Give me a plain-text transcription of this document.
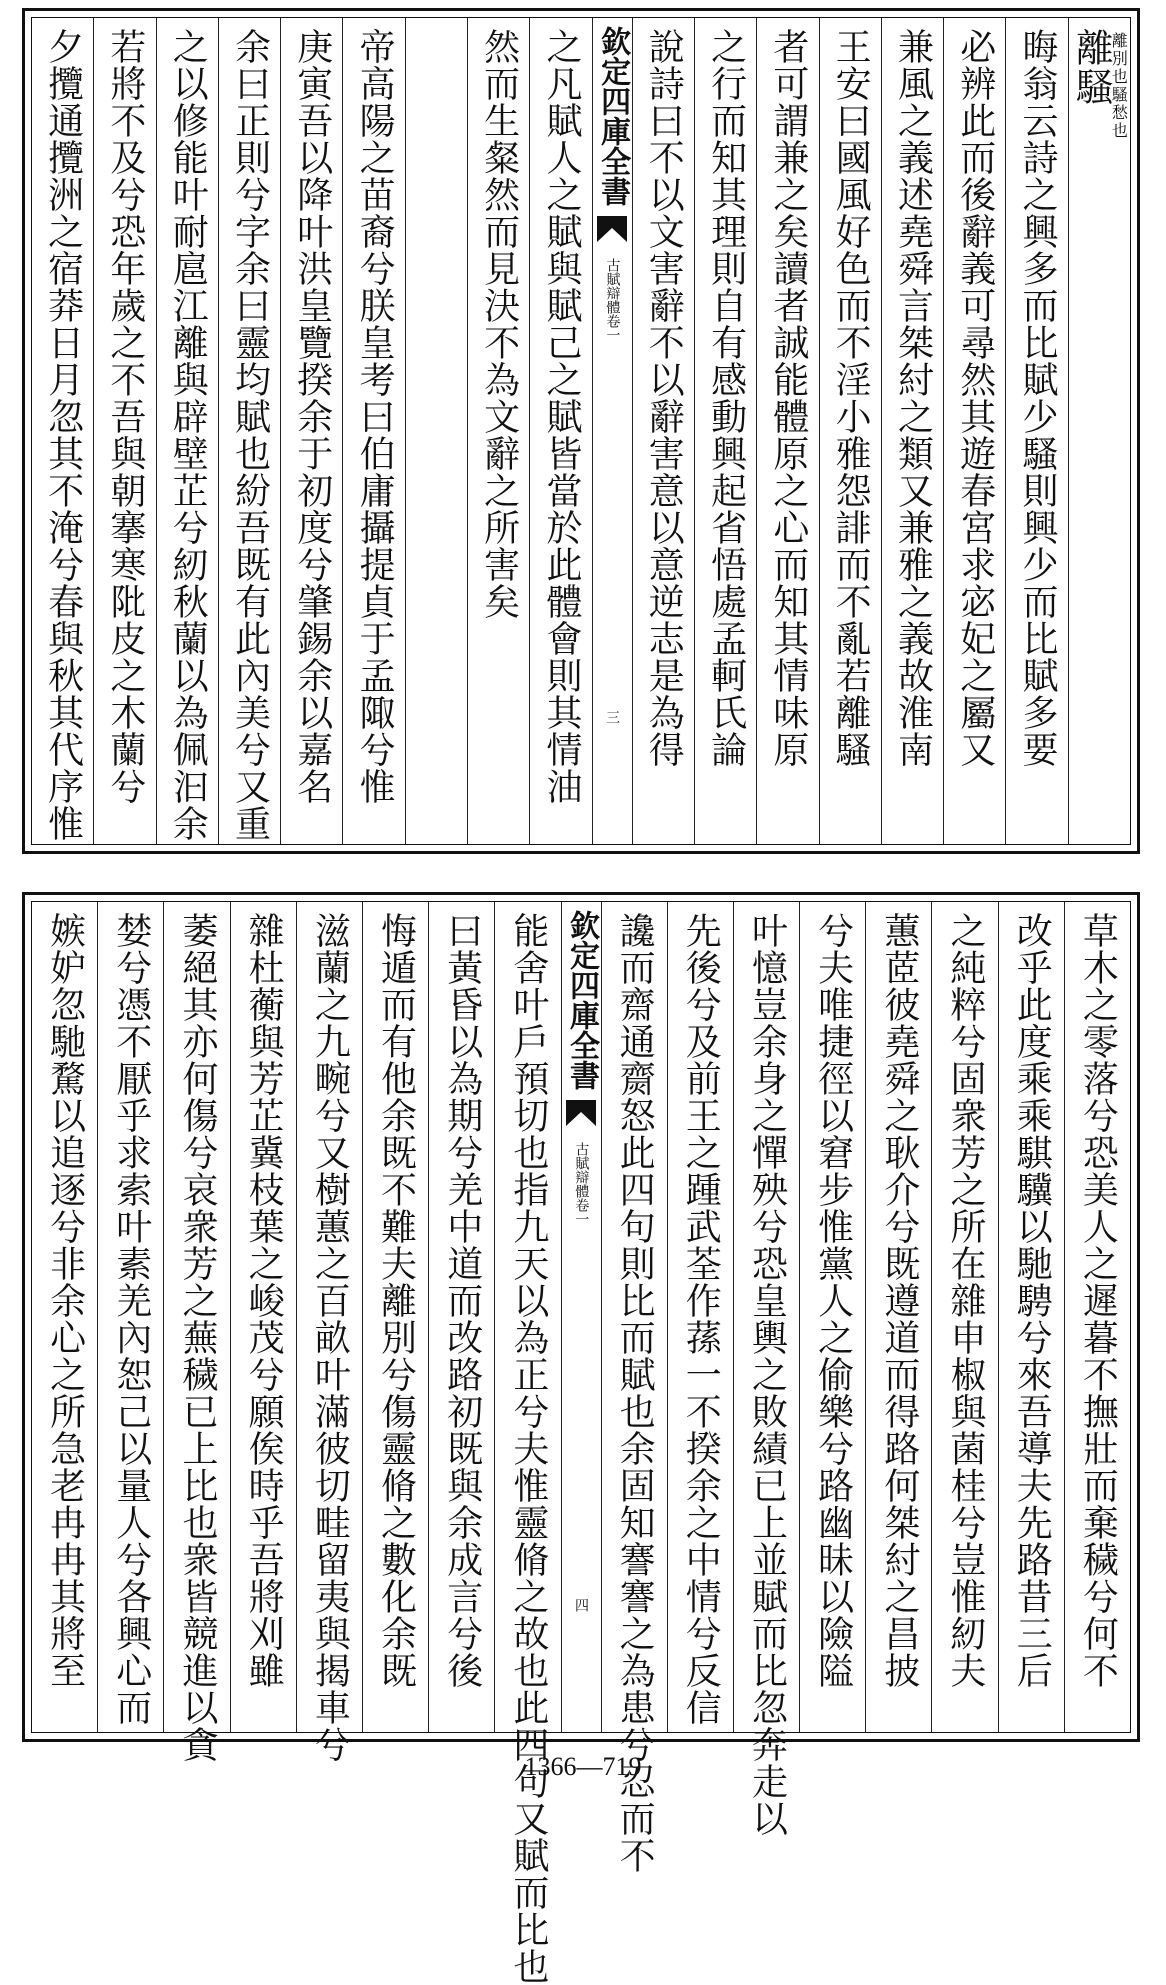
離騷
離別也騷愁也
晦翁云詩之興多而比賦少騷則興少而比賦多要
必辨此而後辭義可尋然其遊春宮求宓妃之屬又
兼風之義述堯舜言桀紂之類又兼雅之義故淮南
王安曰國風好色而不淫小雅怨誹而不亂若離騷
者可謂兼之矣讀者誠能體原之心而知其情味原
之行而知其理則自有感動興起省悟處孟軻氏論
說詩曰不以文害辭不以辭害意以意逆志是為得
欽定四庫全書
古賦辯體
卷一
三
之凡賦人之賦與賦己之賦皆當於此體會則其情油
然而生粲然而見決不為文辭之所害矣
帝高陽之苗裔兮朕皇考曰伯庸攝提貞于孟陬兮惟
庚寅吾以降叶洪皇覽揆余于初度兮肇錫余以嘉名
余曰正則兮字余曰靈均賦也紛吾既有此內美兮又重
之以修能叶耐扈江離與辟壁芷兮紉秋蘭以為佩汩余
若將不及兮恐年歲之不吾與朝搴寒阰皮之木蘭兮
夕攬通攬洲之宿莽日月忽其不淹兮春與秋其代序惟
草木之零落兮恐美人之遲暮不撫壯而棄穢兮何不
改乎此度乘乘騏驥以馳騁兮來吾導夫先路昔三后
之純粹兮固衆芳之所在雜申椒與菌桂兮豈惟紉夫
蕙茝彼堯舜之耿介兮既遵道而得路何桀紂之昌披
兮夫唯捷徑以窘步惟黨人之偷樂兮路幽昧以險隘
叶憶豈余身之憚殃兮恐皇輿之敗績已上並賦而比忽奔走以
先後兮及前王之踵武荃作蓀一不揆余之中情兮反信
讒而齋通齌怒此四句則比而賦也余固知謇謇之為患兮忍而不
欽定四庫全書
古賦辯體
卷一
四
能舍叶戶預切也指九天以為正兮夫惟靈脩之故也此四句又賦而比也
曰黃昏以為期兮羌中道而改路初既與余成言兮後
悔遁而有他余既不難夫離別兮傷靈脩之數化余既
滋蘭之九畹兮又樹蕙之百畝叶滿彼切畦留夷與揭車兮
雜杜蘅與芳芷冀枝葉之峻茂兮願俟時乎吾將刈雖
萎絕其亦何傷兮哀衆芳之蕪穢已上比也衆皆競進以貪
婪兮憑不厭乎求索叶素羌內恕己以量人兮各興心而
嫉妒忽馳騖以追逐兮非余心之所急老冉冉其將至
1366—719
